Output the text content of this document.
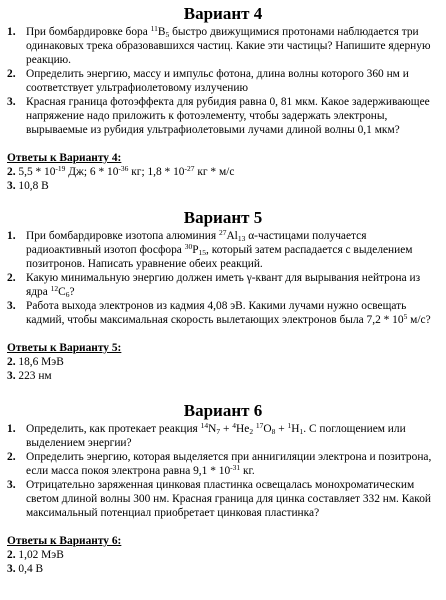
Вариант 4
1. При бомбардировке бора $^{11}B_5$ быстро движущимися протонами наблюдается три одинаковых трека образовавшихся частиц. Какие эти частицы? Напишите ядерную реакцию.
2. Определить энергию, массу и импульс фотона, длина волны которого 360 нм и соответствует ультрафиолетовому излучению
3. Красная граница фотоэффекта для рубидия равна 0, 81 мкм. Какое задерживающее напряжение надо приложить к фотоэлементу, чтобы задержать электроны, вырываемые из рубидия ультрафиолетовыми лучами длиной волны 0,1 мкм?
Ответы к Варианту 4:
2. $5,5 * 10^{-19}$ Дж; $6 * 10^{-36}$ кг; $1,8 * 10^{-27}$ кг * м/с
3. 10,8 В
Вариант 5
1. При бомбардировке изотопа алюминия $^{27}Al_{13}$ α-частицами получается радиоактивный изотоп фосфора $^{30}P_{15}$, который затем распадается с выделением позитронов. Написать уравнение обеих реакций.
2. Какую минимальную энергию должен иметь γ-квант для вырывания нейтрона из ядра $^{12}C_6$?
3. Работа выхода электронов из кадмия 4,08 эВ. Какими лучами нужно освещать кадмий, чтобы максимальная скорость вылетающих электронов была $7,2 * 10^5$ м/с?
Ответы к Варианту 5:
2. 18,6 МэВ
3. 223 нм
Вариант 6
1. Определить, как протекает реакция $^{14}N_7 + ^4He_2$ $^{17}O_8 + ^1H_1$. С поглощением или выделением энергии?
2. Определить энергию, которая выделяется при аннигиляции электрона и позитрона, если масса покоя электрона равна $9,1 * 10^{-31}$ кг.
3. Отрицательно заряженная цинковая пластинка освещалась монохроматическим светом длиной волны 300 нм. Красная граница для цинка составляет 332 нм. Какой максимальный потенциал приобретает цинковая пластинка?
Ответы к Варианту 6:
2. 1,02 МэВ
3. 0,4 В
